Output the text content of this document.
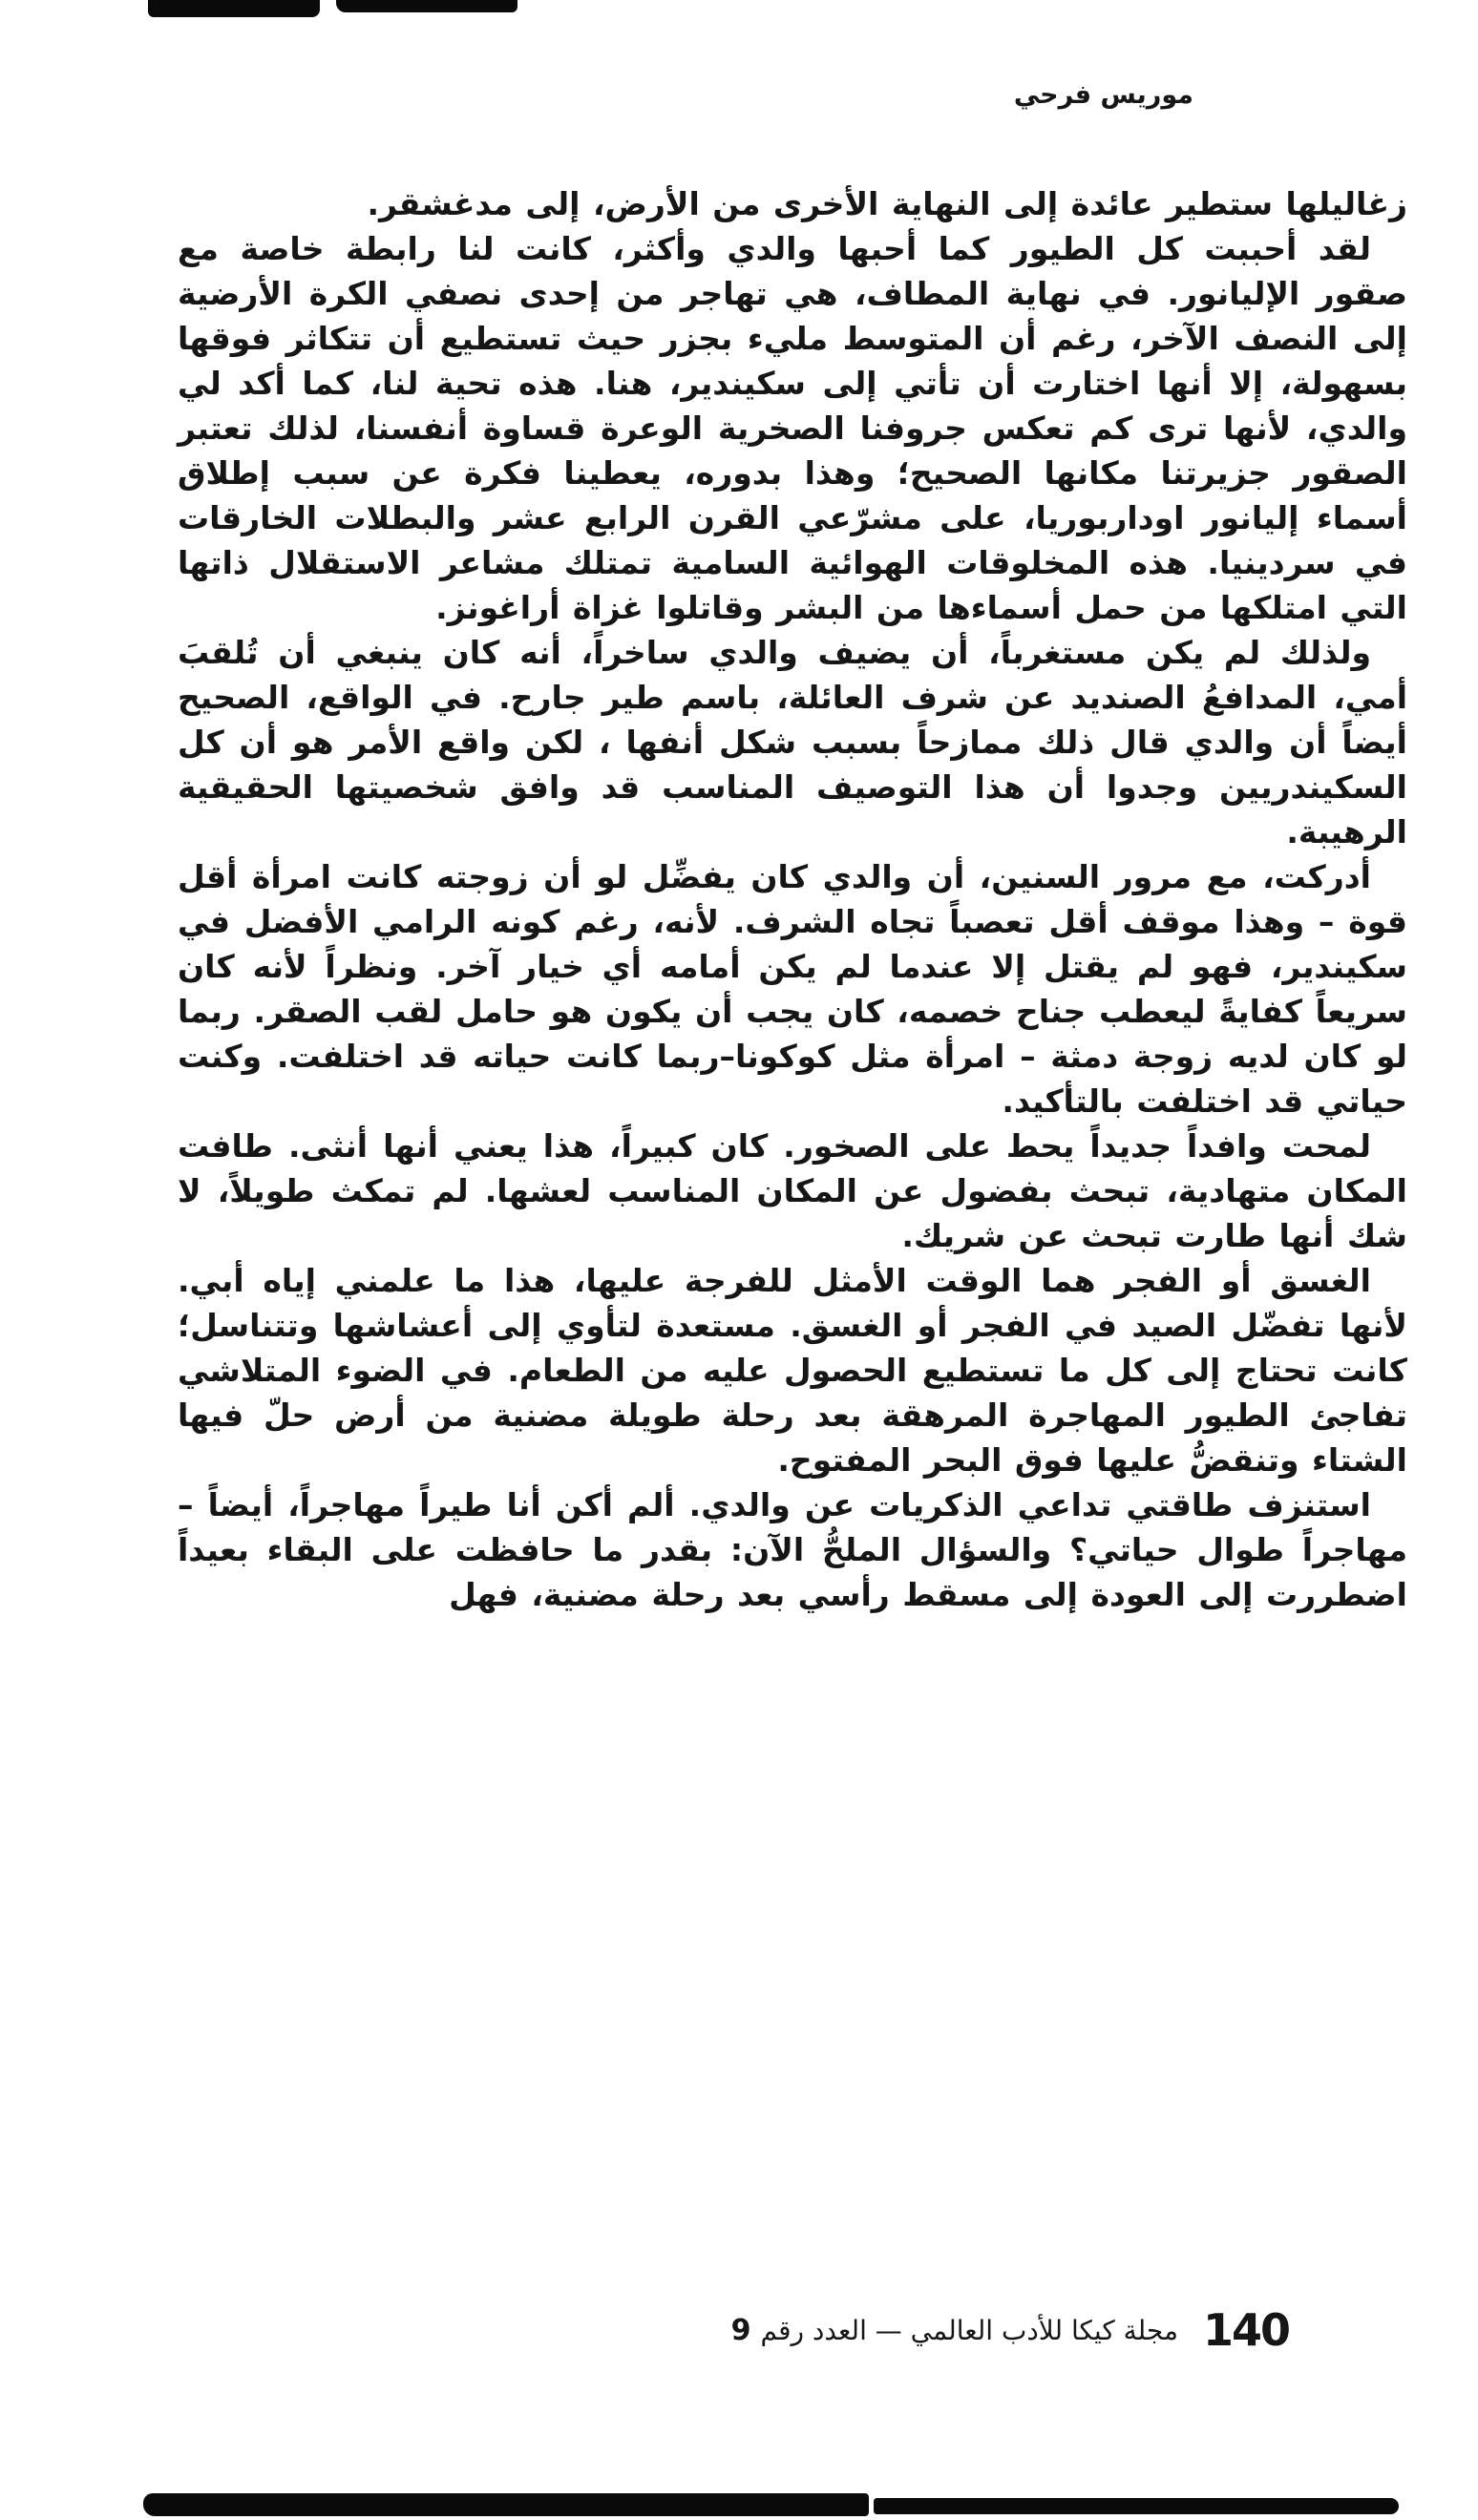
موريس فرحي

زغاليلها ستطير عائدة إلى النهاية الأخرى من الأرض، إلى مدغشقر.

لقد أحببت كل الطيور كما أحبها والدي وأكثر، كانت لنا رابطة خاصة مع صقور الإليانور. في نهاية المطاف، هي تهاجر من إحدى نصفي الكرة الأرضية إلى النصف الآخر، رغم أن المتوسط مليء بجزر حيث تستطيع أن تتكاثر فوقها بسهولة، إلا أنها اختارت أن تأتي إلى سكيندير، هنا. هذه تحية لنا، كما أكد لي والدي، لأنها ترى كم تعكس جروفنا الصخرية الوعرة قساوة أنفسنا، لذلك تعتبر الصقور جزيرتنا مكانها الصحيح؛ وهذا بدوره، يعطينا فكرة عن سبب إطلاق أسماء إليانور اوداربوريا، على مشرّعي القرن الرابع عشر والبطلات الخارقات في سردينيا. هذه المخلوقات الهوائية السامية تمتلك مشاعر الاستقلال ذاتها التي امتلكها من حمل أسماءها من البشر وقاتلوا غزاة أراغونز.

ولذلك لم يكن مستغرباً، أن يضيف والدي ساخراً، أنه كان ينبغي أن تُلقبَ أمي، المدافعُ الصنديد عن شرف العائلة، باسم طير جارح. في الواقع، الصحيح أيضاً أن والدي قال ذلك ممازحاً بسبب شكل أنفها ، لكن واقع الأمر هو أن كل السكيندريين وجدوا أن هذا التوصيف المناسب قد وافق شخصيتها الحقيقية الرهيبة.

أدركت، مع مرور السنين، أن والدي كان يفضِّل لو أن زوجته كانت امرأة أقل قوة – وهذا موقف أقل تعصباً تجاه الشرف. لأنه، رغم كونه الرامي الأفضل في سكيندير، فهو لم يقتل إلا عندما لم يكن أمامه أي خيار آخر. ونظراً لأنه كان سريعاً كفايةً ليعطب جناح خصمه، كان يجب أن يكون هو حامل لقب الصقر. ربما لو كان لديه زوجة دمثة – امرأة مثل كوكونا–ربما كانت حياته قد اختلفت. وكنت حياتي قد اختلفت بالتأكيد.

لمحت وافداً جديداً يحط على الصخور. كان كبيراً، هذا يعني أنها أنثى. طافت المكان متهادية، تبحث بفضول عن المكان المناسب لعشها. لم تمكث طويلاً، لا شك أنها طارت تبحث عن شريك.

الغسق أو الفجر هما الوقت الأمثل للفرجة عليها، هذا ما علمني إياه أبي. لأنها تفضّل الصيد في الفجر أو الغسق. مستعدة لتأوي إلى أعشاشها وتتناسل؛ كانت تحتاج إلى كل ما تستطيع الحصول عليه من الطعام. في الضوء المتلاشي تفاجئ الطيور المهاجرة المرهقة بعد رحلة طويلة مضنية من أرض حلّ فيها الشتاء وتنقضُّ عليها فوق البحر المفتوح.

استنزف طاقتي تداعي الذكريات عن والدي. ألم أكن أنا طيراً مهاجراً، أيضاً – مهاجراً طوال حياتي؟ والسؤال الملحُّ الآن: بقدر ما حافظت على البقاء بعيداً اضطررت إلى العودة إلى مسقط رأسي بعد رحلة مضنية، فهل

140
مجلة كيكا للأدب العالمي — العدد رقم
9
